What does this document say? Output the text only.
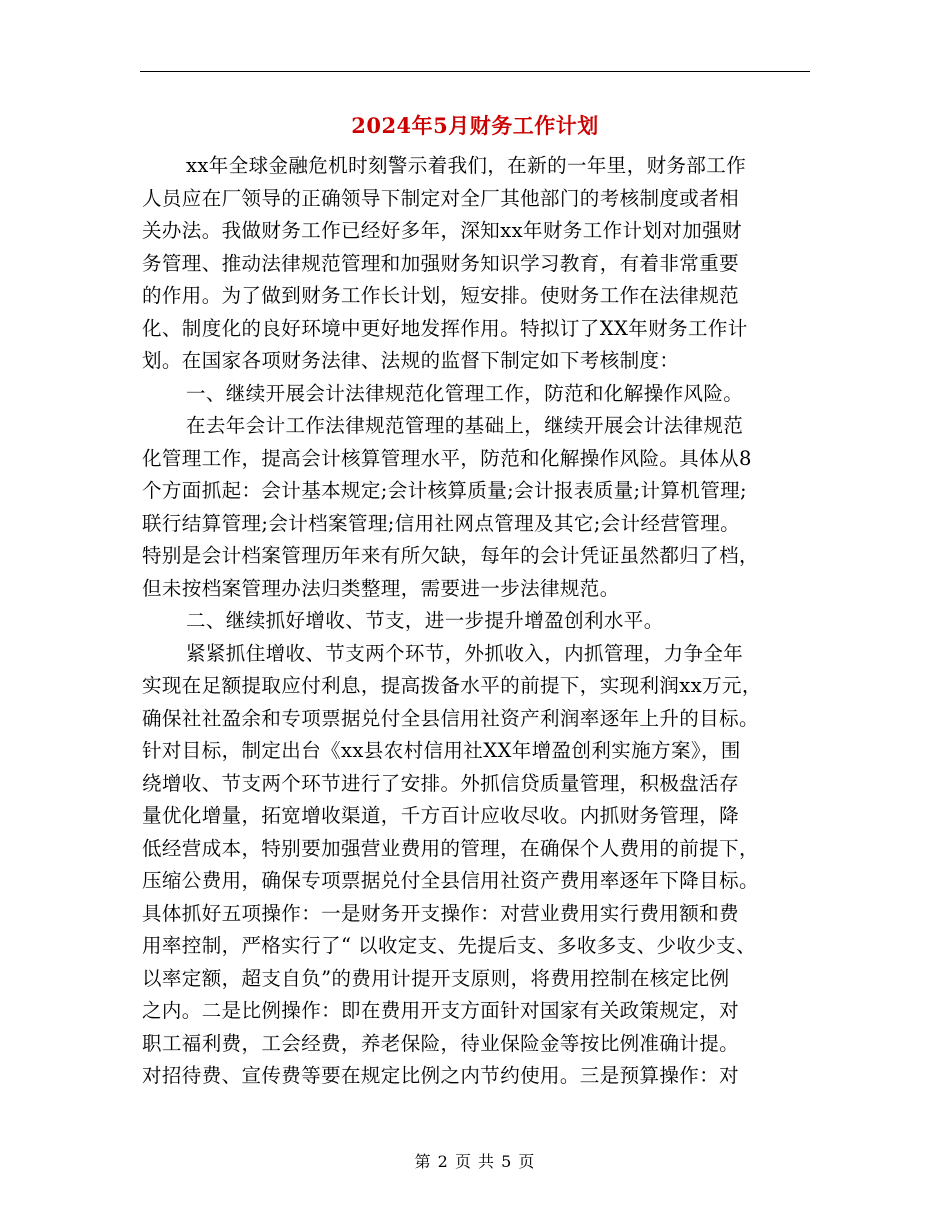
2024年5月财务工作计划
xx年全球金融危机时刻警示着我们，在新的一年里，财务部工作
人员应在厂领导的正确领导下制定对全厂其他部门的考核制度或者相
关办法。我做财务工作已经好多年，深知xx年财务工作计划对加强财
务管理、推动法律规范管理和加强财务知识学习教育，有着非常重要
的作用。为了做到财务工作长计划，短安排。使财务工作在法律规范
化、制度化的良好环境中更好地发挥作用。特拟订了XX年财务工作计
划。在国家各项财务法律、法规的监督下制定如下考核制度：
一、继续开展会计法律规范化管理工作，防范和化解操作风险。
在去年会计工作法律规范管理的基础上，继续开展会计法律规范
化管理工作，提高会计核算管理水平，防范和化解操作风险。具体从8
个方面抓起：会计基本规定;会计核算质量;会计报表质量;计算机管理;
联行结算管理;会计档案管理;信用社网点管理及其它;会计经营管理。
特别是会计档案管理历年来有所欠缺，每年的会计凭证虽然都归了档，
但未按档案管理办法归类整理，需要进一步法律规范。
二、继续抓好增收、节支，进一步提升增盈创利水平。
紧紧抓住增收、节支两个环节，外抓收入，内抓管理，力争全年
实现在足额提取应付利息，提高拨备水平的前提下，实现利润xx万元，
确保社社盈余和专项票据兑付全县信用社资产利润率逐年上升的目标。
针对目标，制定出台《xx县农村信用社XX年增盈创利实施方案》，围
绕增收、节支两个环节进行了安排。外抓信贷质量管理，积极盘活存
量优化增量，拓宽增收渠道，千方百计应收尽收。内抓财务管理，降
低经营成本，特别要加强营业费用的管理，在确保个人费用的前提下，
压缩公费用，确保专项票据兑付全县信用社资产费用率逐年下降目标。
具体抓好五项操作：一是财务开支操作：对营业费用实行费用额和费
用率控制，严格实行了“ 以收定支、先提后支、多收多支、少收少支、
以率定额，超支自负”的费用计提开支原则，将费用控制在核定比例
之内。二是比例操作：即在费用开支方面针对国家有关政策规定，对
职工福利费，工会经费，养老保险，待业保险金等按比例准确计提。
对招待费、宣传费等要在规定比例之内节约使用。三是预算操作：对
第 2 页 共 5 页
